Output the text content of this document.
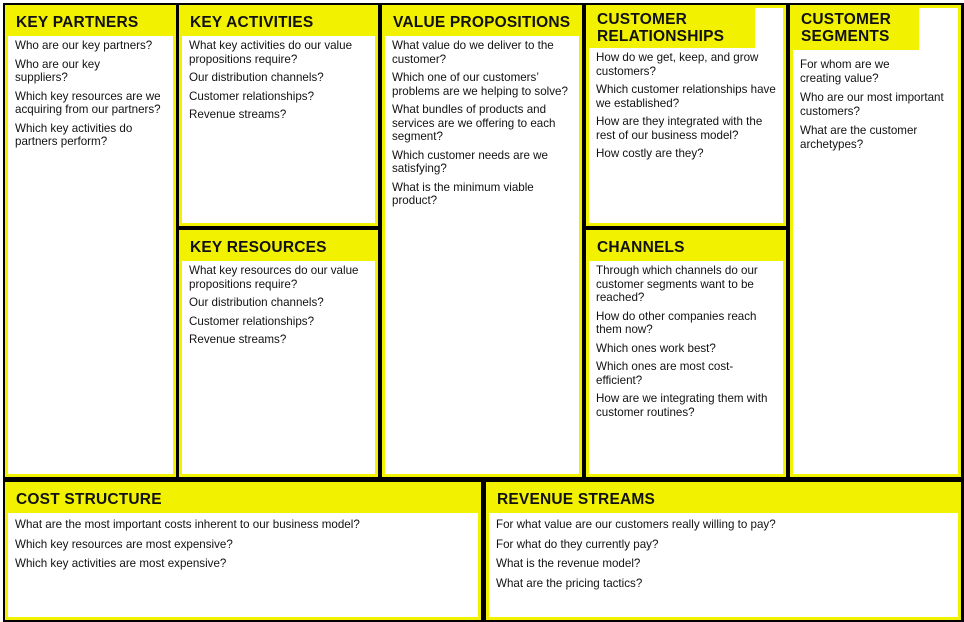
KEY PARTNERS

Who are our key partners?

Who are our key suppliers?

Which key resources are we acquiring from our partners?

Which key activities do partners perform?

KEY ACTIVITIES

What key activities do our value propositions require?

Our distribution channels?

Customer relationships?

Revenue streams?

KEY RESOURCES

What key resources do our value propositions require?

Our distribution channels?

Customer relationships?

Revenue streams?

VALUE PROPOSITIONS

What value do we deliver to the customer?

Which one of our customers’ problems are we helping to solve?

What bundles of products and services are we offering to each segment?

Which customer needs are we satisfying?

What is the minimum viable product?

CUSTOMER RELATIONSHIPS

How do we get, keep, and grow customers?

Which customer relationships have we established?

How are they integrated with the rest of our business model?

How costly are they?

CHANNELS

Through which channels do our customer segments want to be reached?

How do other companies reach them now?

Which ones work best?

Which ones are most cost-efficient?

How are we integrating them with customer routines?

CUSTOMER SEGMENTS

For whom are we creating value?

Who are our most important customers?

What are the customer archetypes?

COST STRUCTURE

What are the most important costs inherent to our business model?

Which key resources are most expensive?

Which key activities are most expensive?

REVENUE STREAMS

For what value are our customers really willing to pay?

For what do they currently pay?

What is the revenue model?

What are the pricing tactics?
